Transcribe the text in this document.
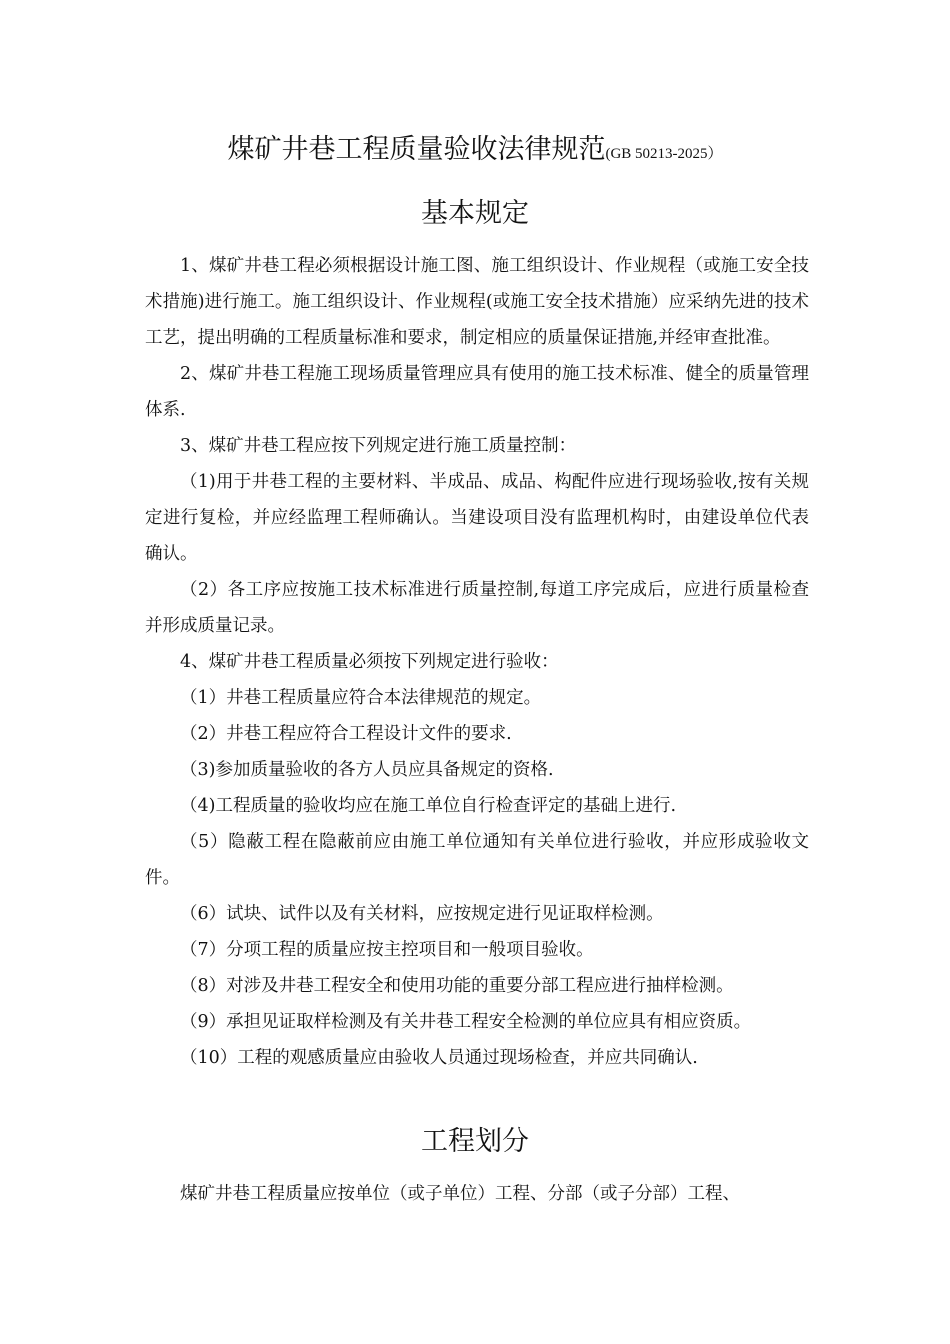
煤矿井巷工程质量验收法律规范(GB 50213-2025）
基本规定

1、煤矿井巷工程必须根据设计施工图、施工组织设计、作业规程（或施工安全技术措施)进行施工。施工组织设计、作业规程(或施工安全技术措施）应采纳先进的技术工艺，提出明确的工程质量标准和要求，制定相应的质量保证措施,并经审查批准。

2、煤矿井巷工程施工现场质量管理应具有使用的施工技术标准、健全的质量管理体系.

3、煤矿井巷工程应按下列规定进行施工质量控制：

（1)用于井巷工程的主要材料、半成品、成品、构配件应进行现场验收,按有关规定进行复检，并应经监理工程师确认。当建设项目没有监理机构时，由建设单位代表确认。

（2）各工序应按施工技术标准进行质量控制,每道工序完成后，应进行质量检查并形成质量记录。

4、煤矿井巷工程质量必须按下列规定进行验收：

（1）井巷工程质量应符合本法律规范的规定。

（2）井巷工程应符合工程设计文件的要求.

（3)参加质量验收的各方人员应具备规定的资格.

（4)工程质量的验收均应在施工单位自行检查评定的基础上进行.

（5）隐蔽工程在隐蔽前应由施工单位通知有关单位进行验收，并应形成验收文件。

（6）试块、试件以及有关材料，应按规定进行见证取样检测。

（7）分项工程的质量应按主控项目和一般项目验收。

（8）对涉及井巷工程安全和使用功能的重要分部工程应进行抽样检测。

（9）承担见证取样检测及有关井巷工程安全检测的单位应具有相应资质。

（10）工程的观感质量应由验收人员通过现场检查，并应共同确认.

工程划分

煤矿井巷工程质量应按单位（或子单位）工程、分部（或子分部）工程、
